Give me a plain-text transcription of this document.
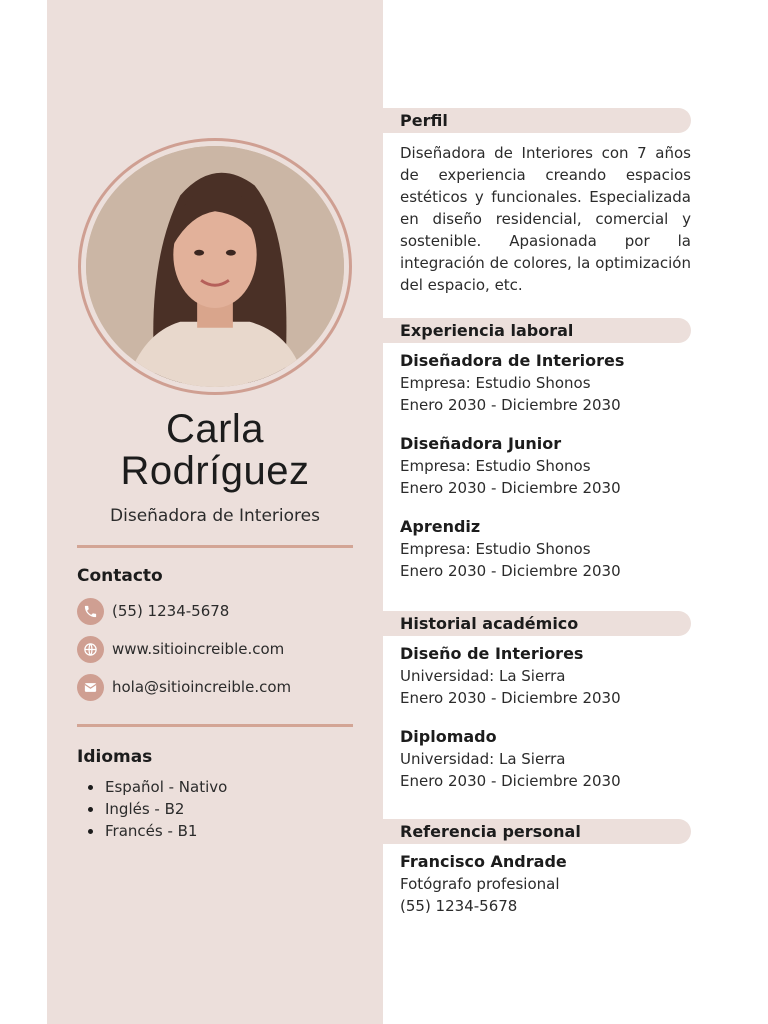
Carla
Rodríguez
Diseñadora de Interiores
Contacto
(55) 1234-5678
www.sitioincreible.com
hola@sitioincreible.com
Idiomas
Español - Nativo
Inglés - B2
Francés - B1
Perfil
Diseñadora de Interiores con 7 años de experiencia creando espacios estéticos y funcionales. Especializada en diseño residencial, comercial y sostenible. Apasionada por la integración de colores, la optimización del espacio, etc.
Experiencia laboral
Diseñadora de Interiores
Empresa: Estudio Shonos
Enero 2030 - Diciembre 2030
Diseñadora Junior
Empresa: Estudio Shonos
Enero 2030 - Diciembre 2030
Aprendiz
Empresa: Estudio Shonos
Enero 2030 - Diciembre 2030
Historial académico
Diseño de Interiores
Universidad: La Sierra
Enero 2030 - Diciembre 2030
Diplomado
Universidad: La Sierra
Enero 2030 - Diciembre 2030
Referencia personal
Francisco Andrade
Fotógrafo profesional
(55) 1234-5678
